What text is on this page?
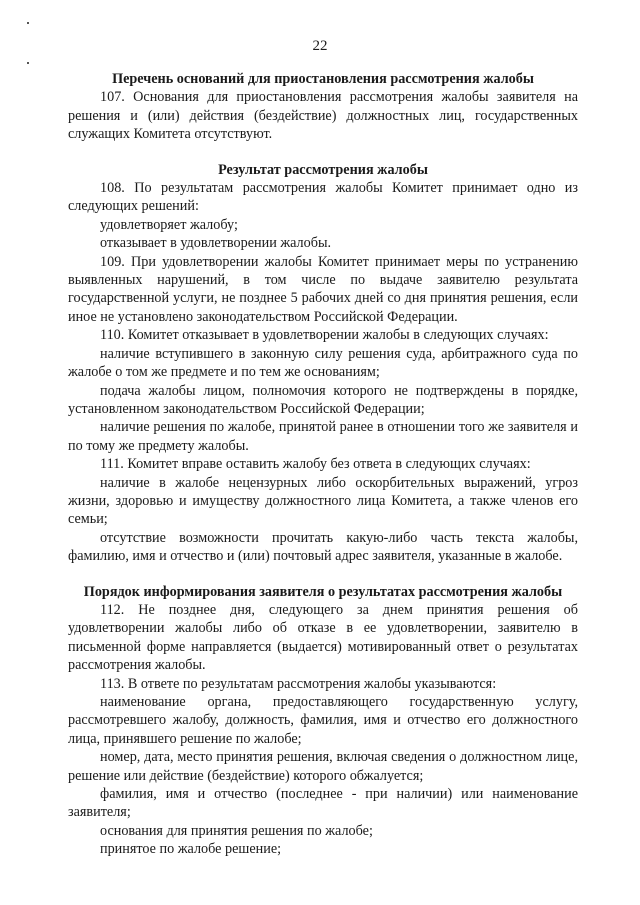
22

Перечень оснований для приостановления рассмотрения жалобы

107. Основания для приостановления рассмотрения жалобы заявителя на решения и (или) действия (бездействие) должностных лиц, государственных служащих Комитета отсутствуют.

Результат рассмотрения жалобы

108. По результатам рассмотрения жалобы Комитет принимает одно из следующих решений:

удовлетворяет жалобу;

отказывает в удовлетворении жалобы.

109. При удовлетворении жалобы Комитет принимает меры по устранению выявленных нарушений, в том числе по выдаче заявителю результата государственной услуги, не позднее 5 рабочих дней со дня принятия решения, если иное не установлено законодательством Российской Федерации.

110. Комитет отказывает в удовлетворении жалобы в следующих случаях:

наличие вступившего в законную силу решения суда, арбитражного суда по жалобе о том же предмете и по тем же основаниям;

подача жалобы лицом, полномочия которого не подтверждены в порядке, установленном законодательством Российской Федерации;

наличие решения по жалобе, принятой ранее в отношении того же заявителя и по тому же предмету жалобы.

111. Комитет вправе оставить жалобу без ответа в следующих случаях:

наличие в жалобе нецензурных либо оскорбительных выражений, угроз жизни, здоровью и имуществу должностного лица Комитета, а также членов его семьи;

отсутствие возможности прочитать какую-либо часть текста жалобы, фамилию, имя и отчество и (или) почтовый адрес заявителя, указанные в жалобе.

Порядок информирования заявителя о результатах рассмотрения жалобы

112. Не позднее дня, следующего за днем принятия решения об удовлетворении жалобы либо об отказе в ее удовлетворении, заявителю в письменной форме направляется (выдается) мотивированный ответ о результатах рассмотрения жалобы.

113. В ответе по результатам рассмотрения жалобы указываются:

наименование органа, предоставляющего государственную услугу, рассмотревшего жалобу, должность, фамилия, имя и отчество его должностного лица, принявшего решение по жалобе;

номер, дата, место принятия решения, включая сведения о должностном лице, решение или действие (бездействие) которого обжалуется;

фамилия, имя и отчество (последнее - при наличии) или наименование заявителя;

основания для принятия решения по жалобе;

принятое по жалобе решение;
